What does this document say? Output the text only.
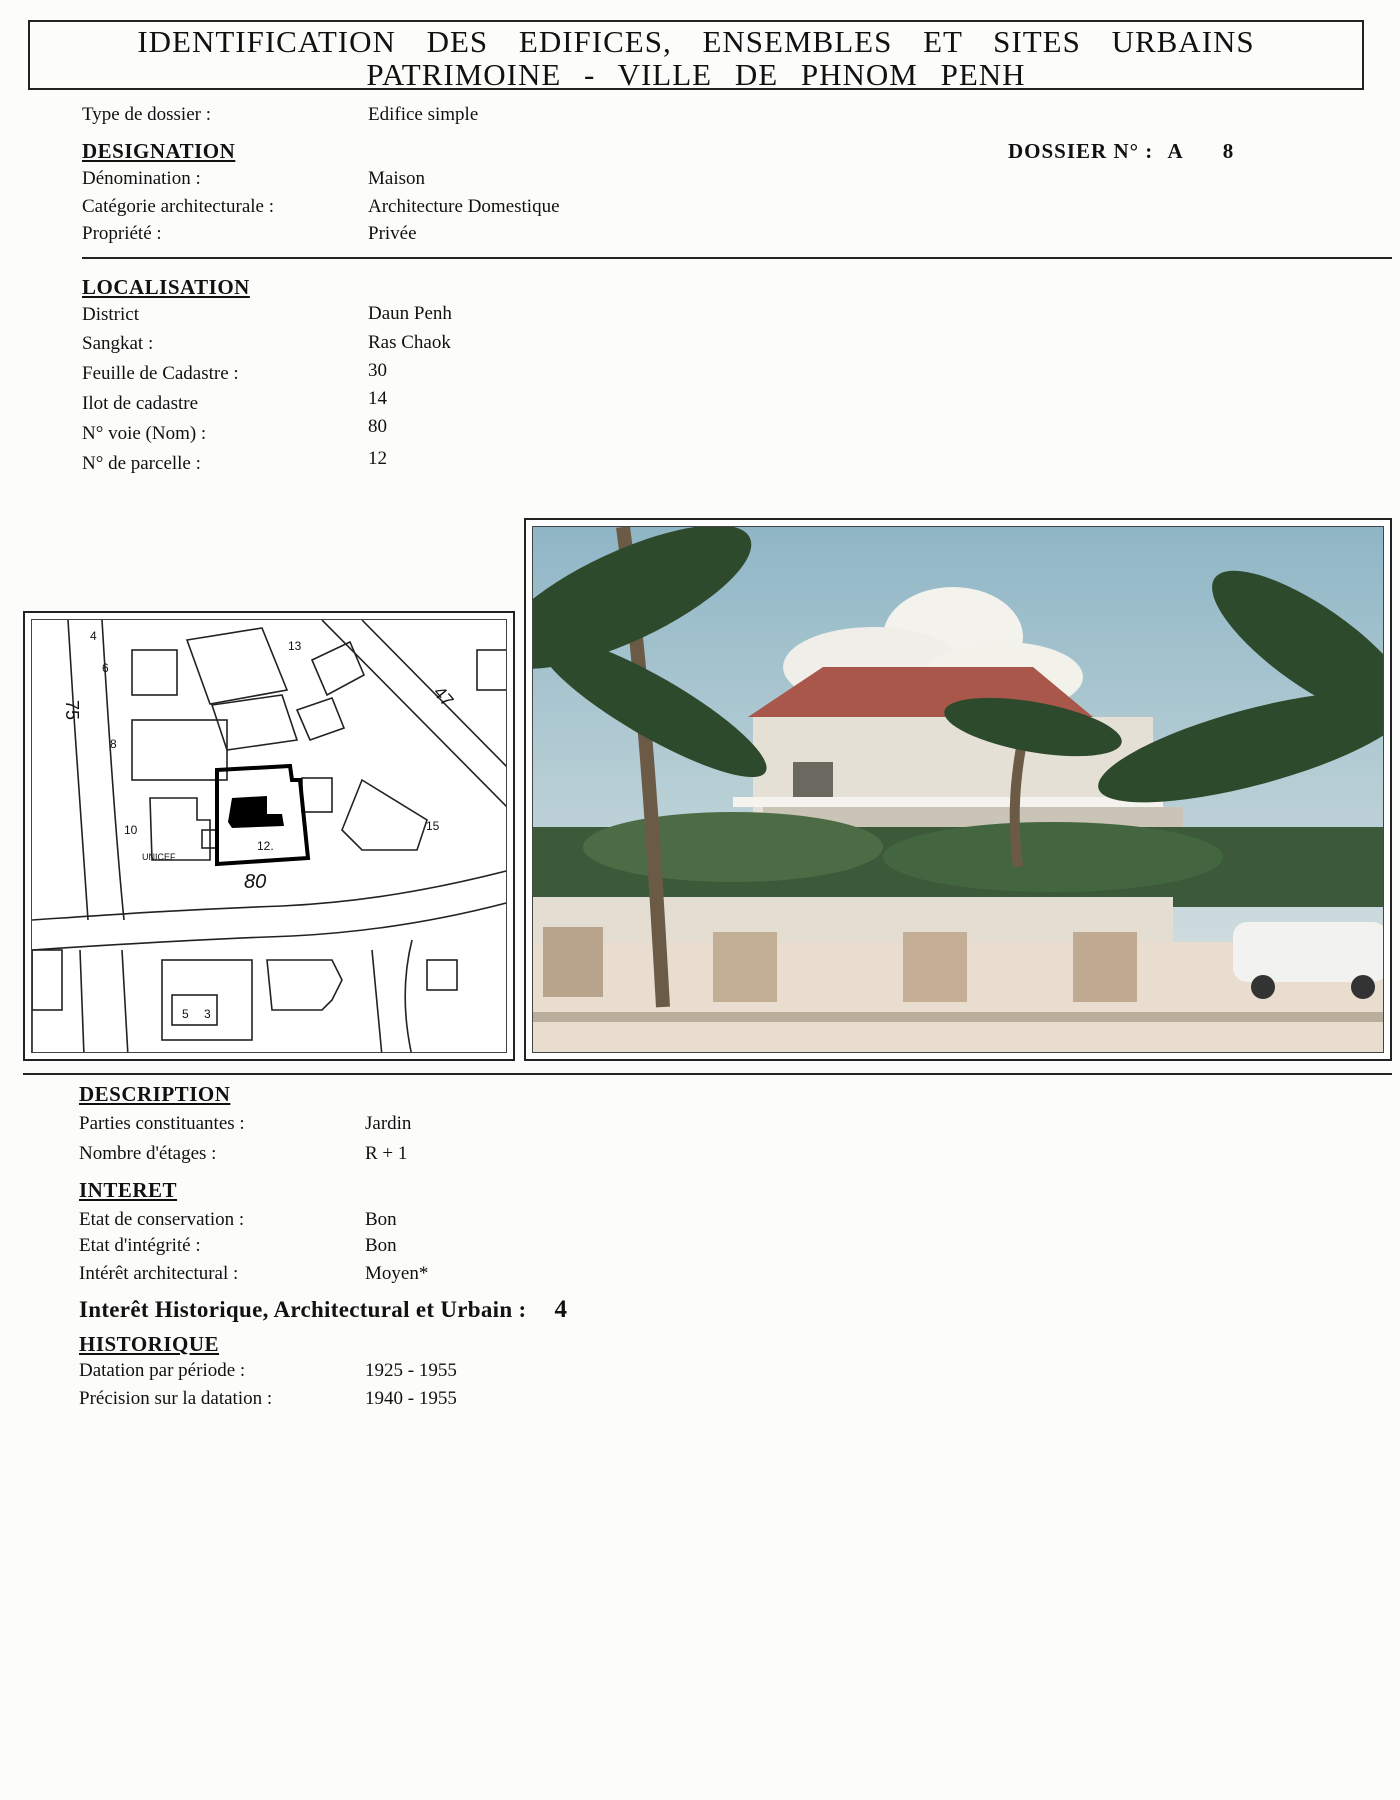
IDENTIFICATION DES EDIFICES, ENSEMBLES ET SITES URBAINS
PATRIMOINE - VILLE DE PHNOM PENH
Type de dossier :	Edifice simple
DESIGNATION	DOSSIER N° : A 8
Dénomination :	Maison
Catégorie architecturale :	Architecture Domestique
Propriété :	Privée
LOCALISATION
District	Daun Penh
Sangkat :	Ras Chaok
Feuille de Cadastre :	30
Ilot de cadastre	14
N° voie (Nom) :	80
N° de parcelle :	12
4
6
8
10
12.
13
15
5 3
UNICEF
75	47
80
DESCRIPTION
Parties constituantes :	Jardin
Nombre d'étages :	R + 1
INTERET
Etat de conservation :	Bon
Etat d'intégrité :	Bon
Intérêt architectural :	Moyen*
Interêt Historique, Architectural et Urbain : 4
HISTORIQUE
Datation par période :	1925 - 1955
Précision sur la datation :	1940 - 1955
